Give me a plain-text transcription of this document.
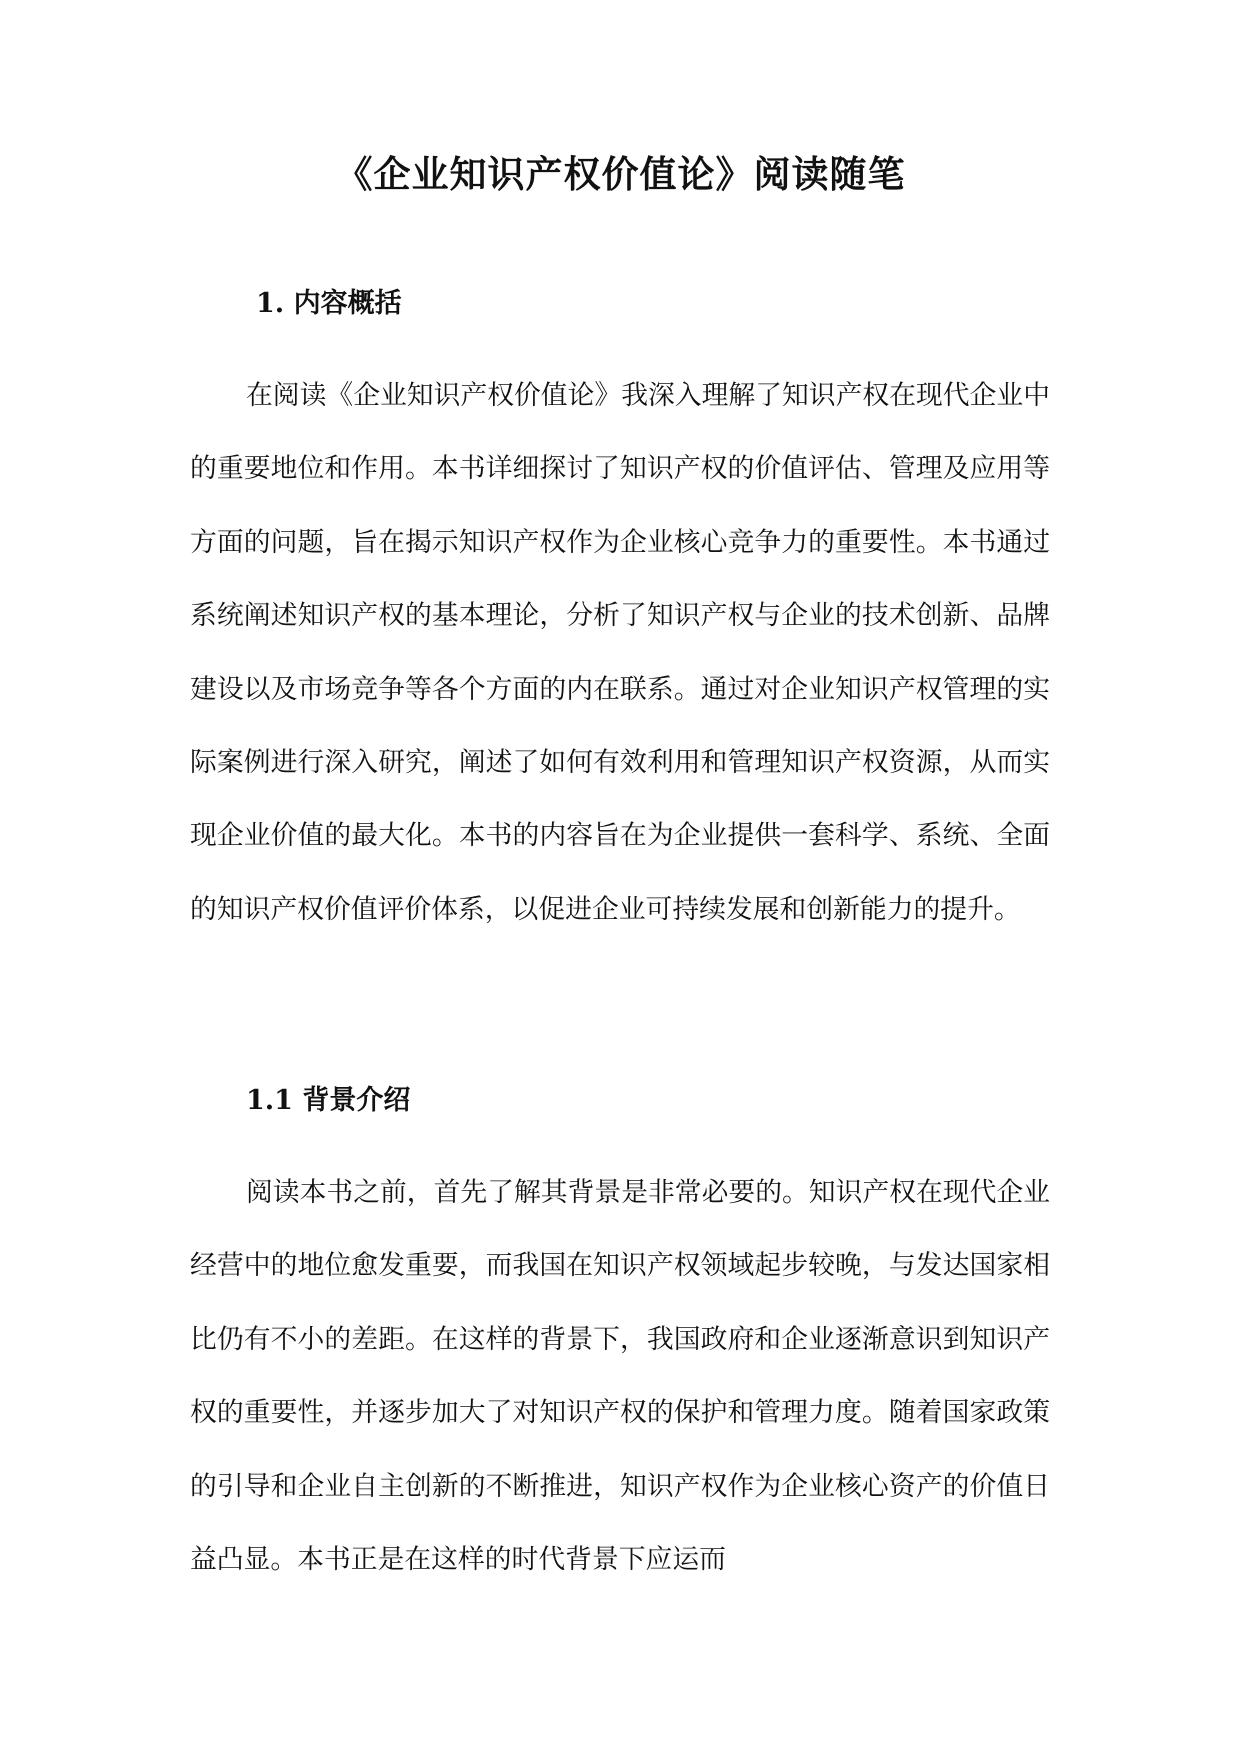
《企业知识产权价值论》阅读随笔
1. 内容概括
在阅读《企业知识产权价值论》我深入理解了知识产权在现代企业中的重要地位和作用。本书详细探讨了知识产权的价值评估、管理及应用等方面的问题，旨在揭示知识产权作为企业核心竞争力的重要性。本书通过系统阐述知识产权的基本理论，分析了知识产权与企业的技术创新、品牌建设以及市场竞争等各个方面的内在联系。通过对企业知识产权管理的实际案例进行深入研究，阐述了如何有效利用和管理知识产权资源，从而实现企业价值的最大化。本书的内容旨在为企业提供一套科学、系统、全面的知识产权价值评价体系，以促进企业可持续发展和创新能力的提升。
1.1 背景介绍
阅读本书之前，首先了解其背景是非常必要的。知识产权在现代企业经营中的地位愈发重要，而我国在知识产权领域起步较晚，与发达国家相比仍有不小的差距。在这样的背景下，我国政府和企业逐渐意识到知识产权的重要性，并逐步加大了对知识产权的保护和管理力度。随着国家政策的引导和企业自主创新的不断推进，知识产权作为企业核心资产的价值日益凸显。本书正是在这样的时代背景下应运而
